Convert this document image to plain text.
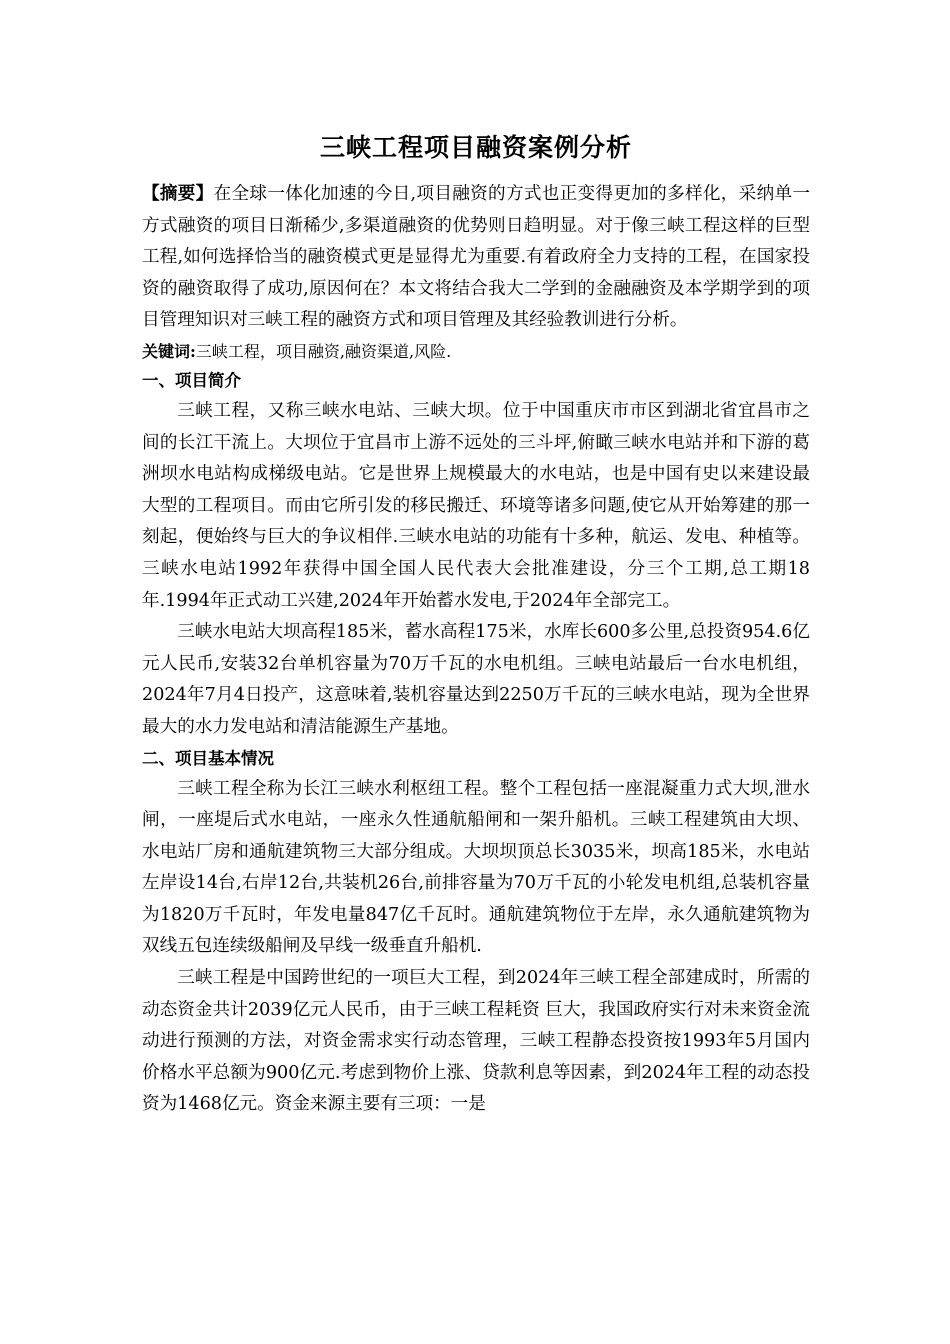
三峡工程项目融资案例分析

【摘要】在全球一体化加速的今日,项目融资的方式也正变得更加的多样化，采纳单一方式融资的项目日渐稀少,多渠道融资的优势则日趋明显。对于像三峡工程这样的巨型工程,如何选择恰当的融资模式更是显得尤为重要.有着政府全力支持的工程，在国家投资的融资取得了成功,原因何在？本文将结合我大二学到的金融融资及本学期学到的项目管理知识对三峡工程的融资方式和项目管理及其经验教训进行分析。

关键词:三峡工程，项目融资,融资渠道,风险.

一、项目简介

三峡工程，又称三峡水电站、三峡大坝。位于中国重庆市市区到湖北省宜昌市之间的长江干流上。大坝位于宜昌市上游不远处的三斗坪,俯瞰三峡水电站并和下游的葛洲坝水电站构成梯级电站。它是世界上规模最大的水电站，也是中国有史以来建设最大型的工程项目。而由它所引发的移民搬迁、环境等诸多问题,使它从开始筹建的那一刻起，便始终与巨大的争议相伴.三峡水电站的功能有十多种，航运、发电、种植等。三峡水电站1992年获得中国全国人民代表大会批准建设，分三个工期,总工期18年.1994年正式动工兴建,2024年开始蓄水发电,于2024年全部完工。

三峡水电站大坝高程185米，蓄水高程175米，水库长600多公里,总投资954.6亿元人民币,安装32台单机容量为70万千瓦的水电机组。三峡电站最后一台水电机组，2024年7月4日投产，这意味着,装机容量达到2250万千瓦的三峡水电站，现为全世界最大的水力发电站和清洁能源生产基地。

二、项目基本情况

三峡工程全称为长江三峡水利枢纽工程。整个工程包括一座混凝重力式大坝,泄水闸，一座堤后式水电站，一座永久性通航船闸和一架升船机。三峡工程建筑由大坝、水电站厂房和通航建筑物三大部分组成。大坝坝顶总长3035米，坝高185米，水电站左岸设14台,右岸12台,共装机26台,前排容量为70万千瓦的小轮发电机组,总装机容量为1820万千瓦时，年发电量847亿千瓦时。通航建筑物位于左岸，永久通航建筑物为双线五包连续级船闸及早线一级垂直升船机.

三峡工程是中国跨世纪的一项巨大工程，到2024年三峡工程全部建成时，所需的动态资金共计2039亿元人民币，由于三峡工程耗资 巨大，我国政府实行对未来资金流动进行预测的方法，对资金需求实行动态管理，三峡工程静态投资按1993年5月国内价格水平总额为900亿元.考虑到物价上涨、贷款利息等因素，到2024年工程的动态投资为1468亿元。资金来源主要有三项：一是
